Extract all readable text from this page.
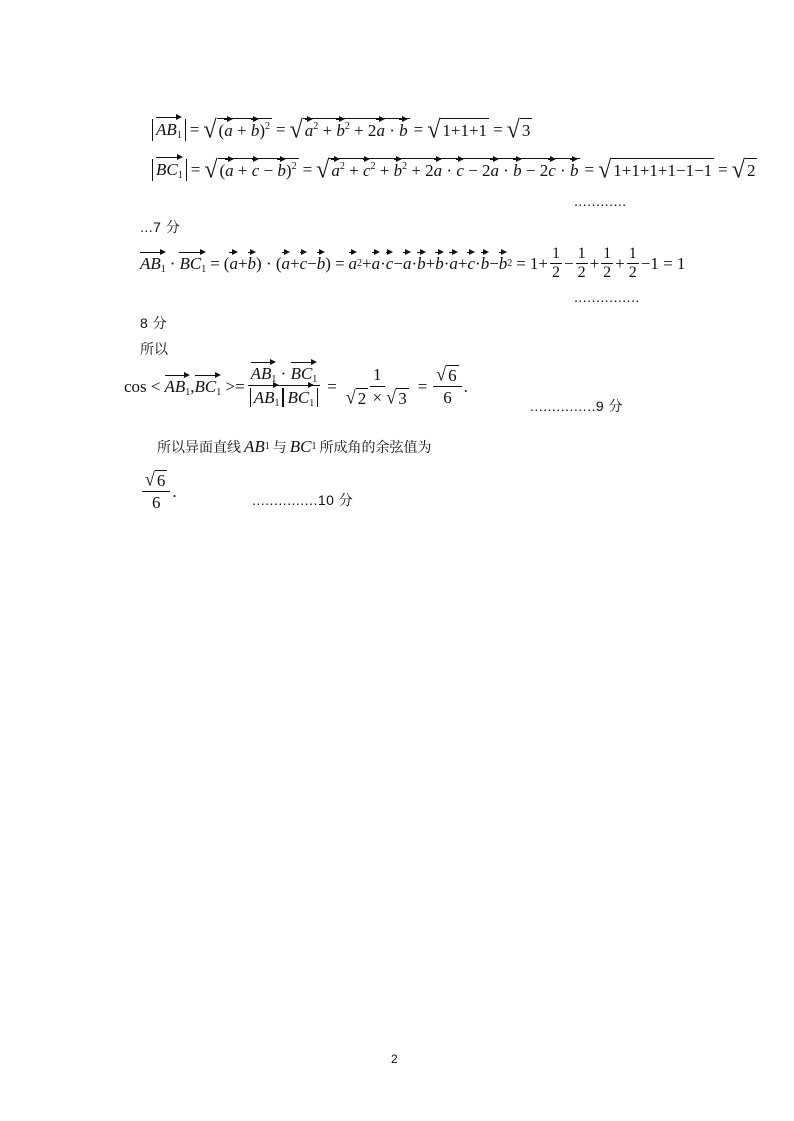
$AB_1$ = √ $(a + b)^2$ = √ $a^2 + b^2 + 2a \cdot b$ = √ 1+1+1 = √ 3
$BC_1$ = √ $(a + c - b)^2$ = √ $a^2 + c^2 + b^2 + 2a \cdot c - 2a \cdot b - 2c \cdot b$ = √ 1+1+1+1−1−1 = √ 2
............
...7 分
$AB_1 \cdot BC_1$ = ( a + b ) · ( a + c − b ) = a 2 + a · c − a · b + b · a + c · b − b $2 = 1+ \frac{1}{2} - \frac{1}{2} + \frac{1}{2} + \frac{1}{2} -1 = 1$
...............
8 分
所以
$\cos < AB_1$ , $BC_1 >= \frac{AB_1 \cdot BC_1}{AB_1 BC_1} = \frac{1}{√ 2 \times √ 3} = \frac{√ 6}{6}$ .
...............9 分
所以异面直线 AB 1 与 BC 1 所成角的余弦值为
$\frac{√ 6}{6}$ .	...............10 分
2
